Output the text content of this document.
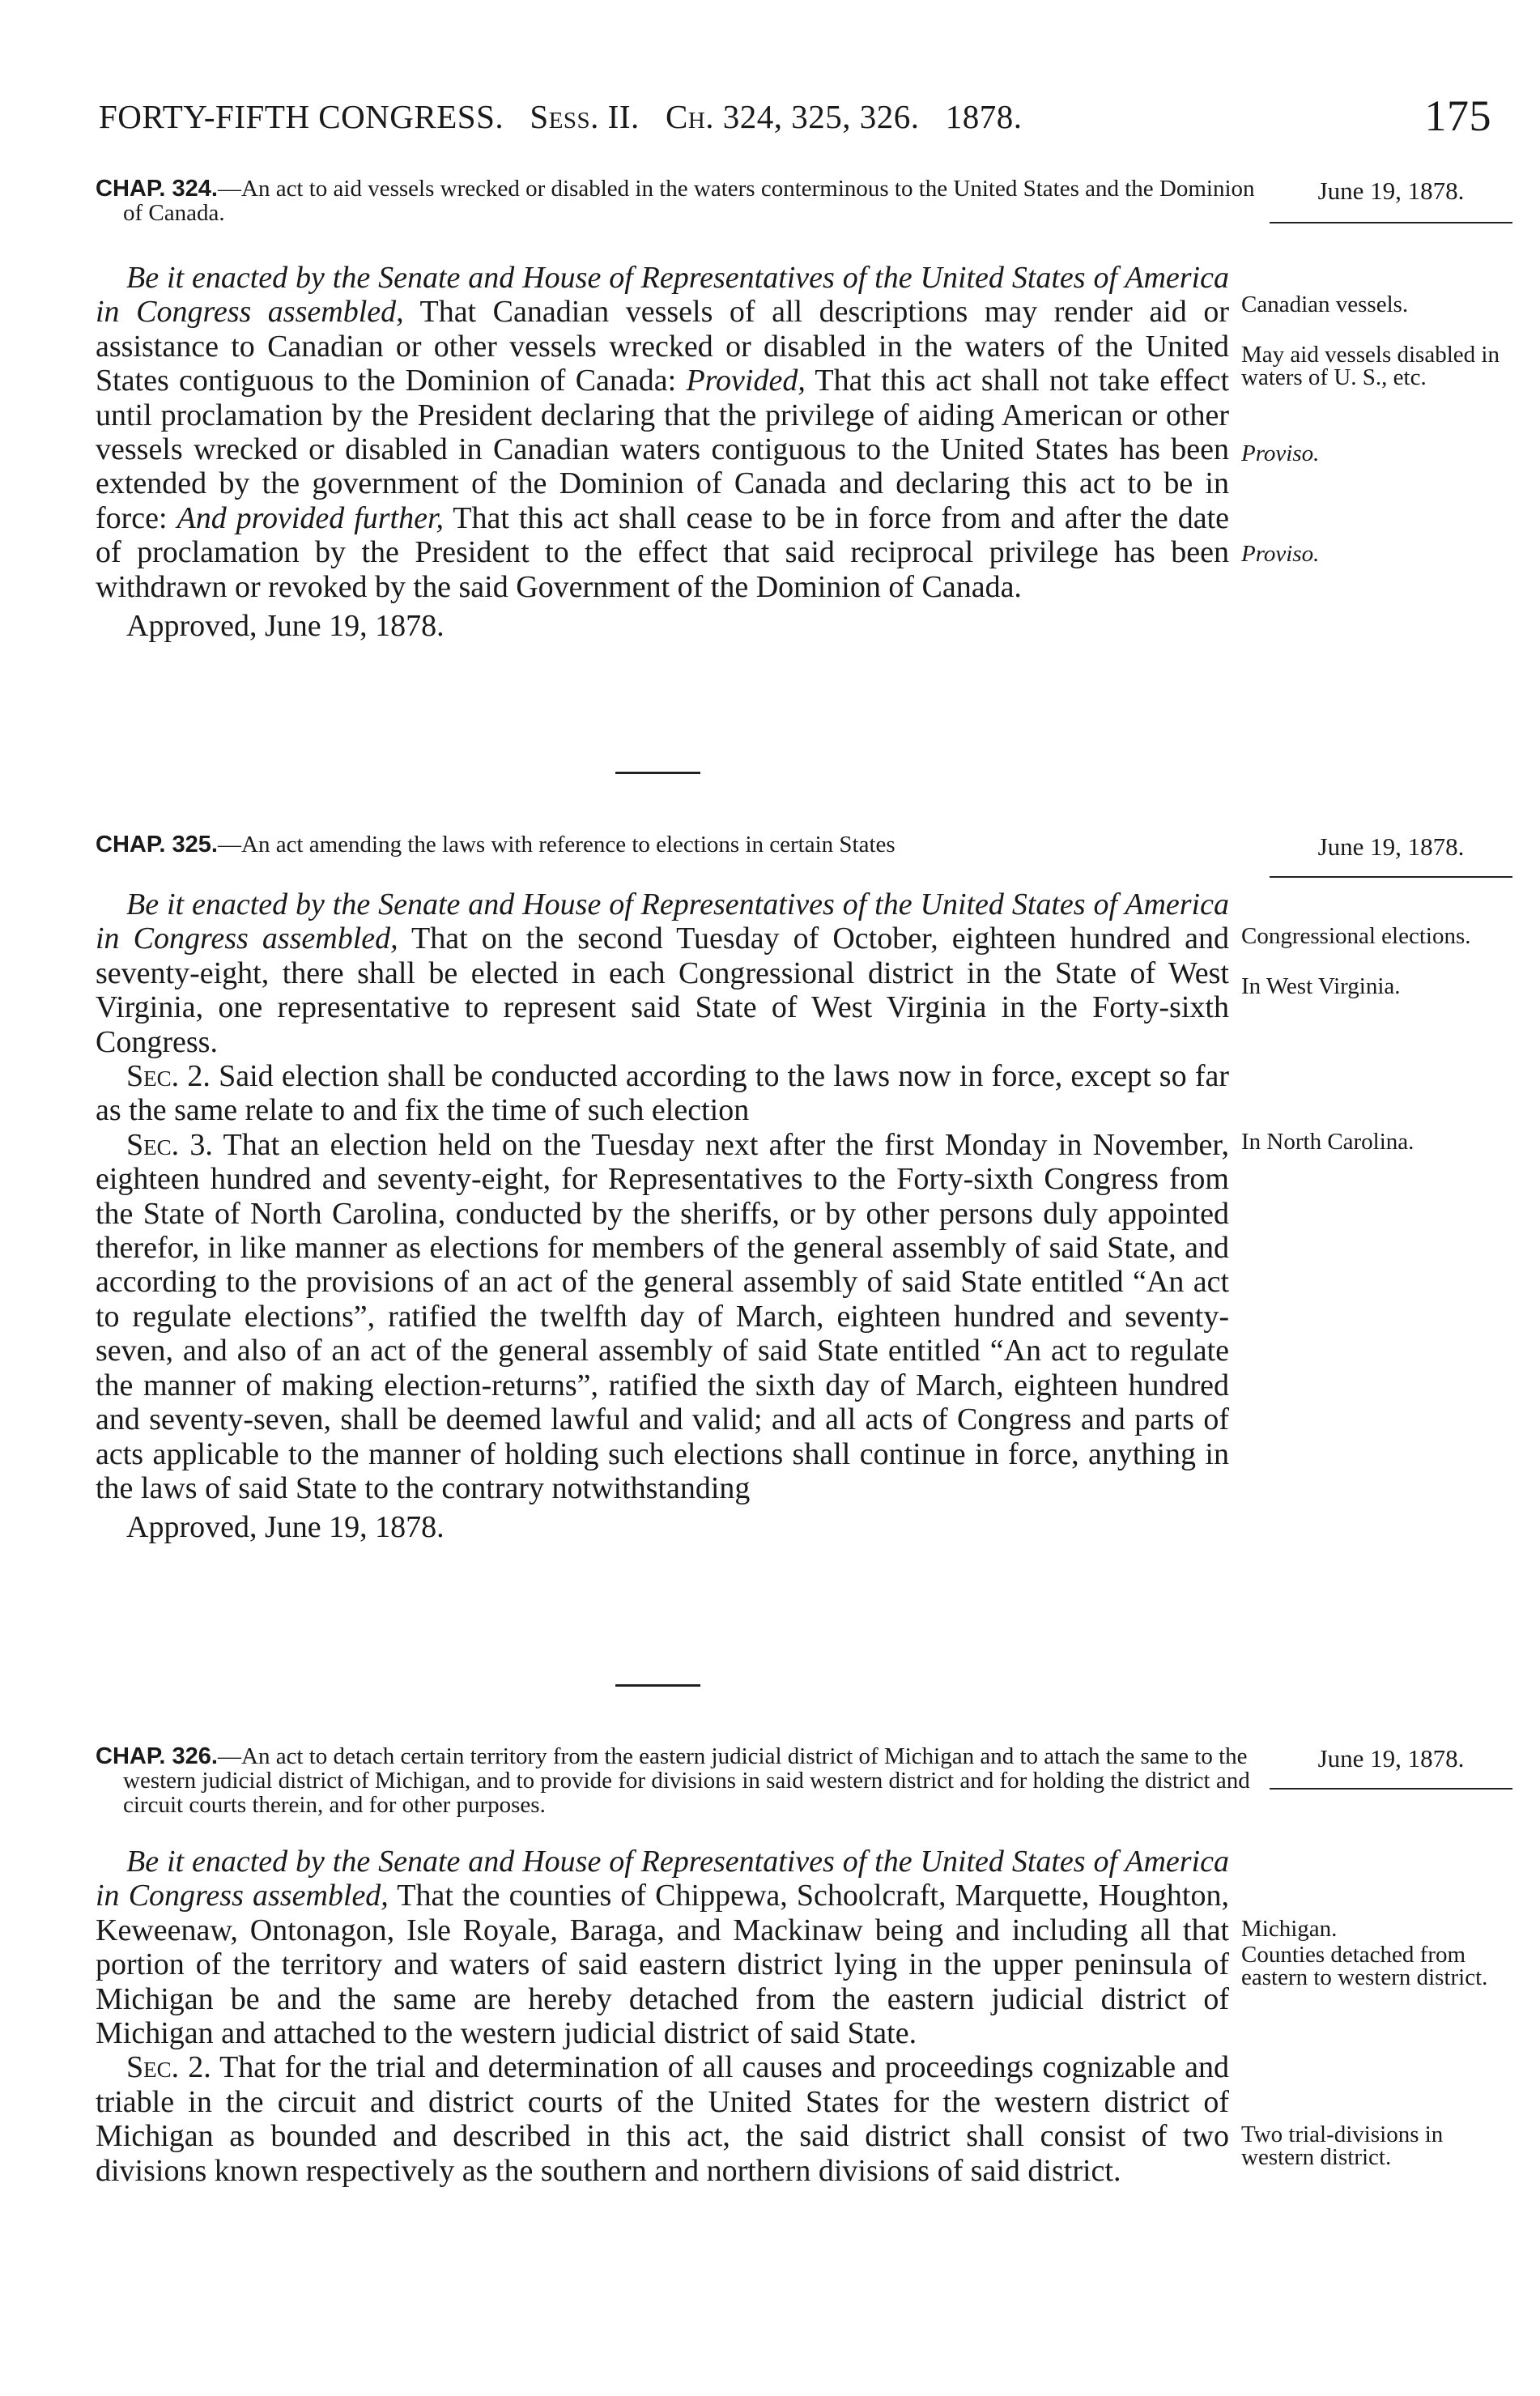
FORTY-FIFTH CONGRESS. Sess. II. Ch. 324, 325, 326. 1878.	175
CHAP. 324.—An act to aid vessels wrecked or disabled in the waters conterminous to the United States and the Dominion of Canada.
June 19, 1878.

Be it enacted by the Senate and House of Representatives of the United States of America in Congress assembled, That Canadian vessels of all descriptions may render aid or assistance to Canadian or other vessels wrecked or disabled in the waters of the United States contiguous to the Dominion of Canada: Provided, That this act shall not take effect until proclamation by the President declaring that the privilege of aiding American or other vessels wrecked or disabled in Canadian waters contiguous to the United States has been extended by the government of the Dominion of Canada and declaring this act to be in force: And provided further, That this act shall cease to be in force from and after the date of proclamation by the President to the effect that said reciprocal privilege has been withdrawn or revoked by the said Government of the Dominion of Canada.

Approved, June 19, 1878.

Canadian vessels.
May aid vessels disabled in waters of U. S., etc.
Proviso.
Proviso.
CHAP. 325.—An act amending the laws with reference to elections in certain States	June 19, 1878.

Be it enacted by the Senate and House of Representatives of the United States of America in Congress assembled, That on the second Tuesday of October, eighteen hundred and seventy-eight, there shall be elected in each Congressional district in the State of West Virginia, one representative to represent said State of West Virginia in the Forty-sixth Congress.

Sec. 2. Said election shall be conducted according to the laws now in force, except so far as the same relate to and fix the time of such election

Sec. 3. That an election held on the Tuesday next after the first Monday in November, eighteen hundred and seventy-eight, for Representatives to the Forty-sixth Congress from the State of North Carolina, conducted by the sheriffs, or by other persons duly appointed therefor, in like manner as elections for members of the general assembly of said State, and according to the provisions of an act of the general assembly of said State entitled “An act to regulate elections”, ratified the twelfth day of March, eighteen hundred and seventy-seven, and also of an act of the general assembly of said State entitled “An act to regulate the manner of making election-returns”, ratified the sixth day of March, eighteen hundred and seventy-seven, shall be deemed lawful and valid; and all acts of Congress and parts of acts applicable to the manner of holding such elections shall continue in force, anything in the laws of said State to the contrary notwithstanding

Approved, June 19, 1878.

Congressional elections.
In West Virginia.
In North Carolina.
CHAP. 326.—An act to detach certain territory from the eastern judicial district of Michigan and to attach the same to the western judicial district of Michigan, and to provide for divisions in said western district and for holding the district and circuit courts therein, and for other purposes.
June 19, 1878.

Be it enacted by the Senate and House of Representatives of the United States of America in Congress assembled, That the counties of Chippewa, Schoolcraft, Marquette, Houghton, Keweenaw, Ontonagon, Isle Royale, Baraga, and Mackinaw being and including all that portion of the territory and waters of said eastern district lying in the upper peninsula of Michigan be and the same are hereby detached from the eastern judicial district of Michigan and attached to the western judicial district of said State.

Sec. 2. That for the trial and determination of all causes and proceedings cognizable and triable in the circuit and district courts of the United States for the western district of Michigan as bounded and described in this act, the said district shall consist of two divisions known respectively as the southern and northern divisions of said district.

Michigan.
Counties detached from eastern to western district.
Two trial-divisions in western district.
